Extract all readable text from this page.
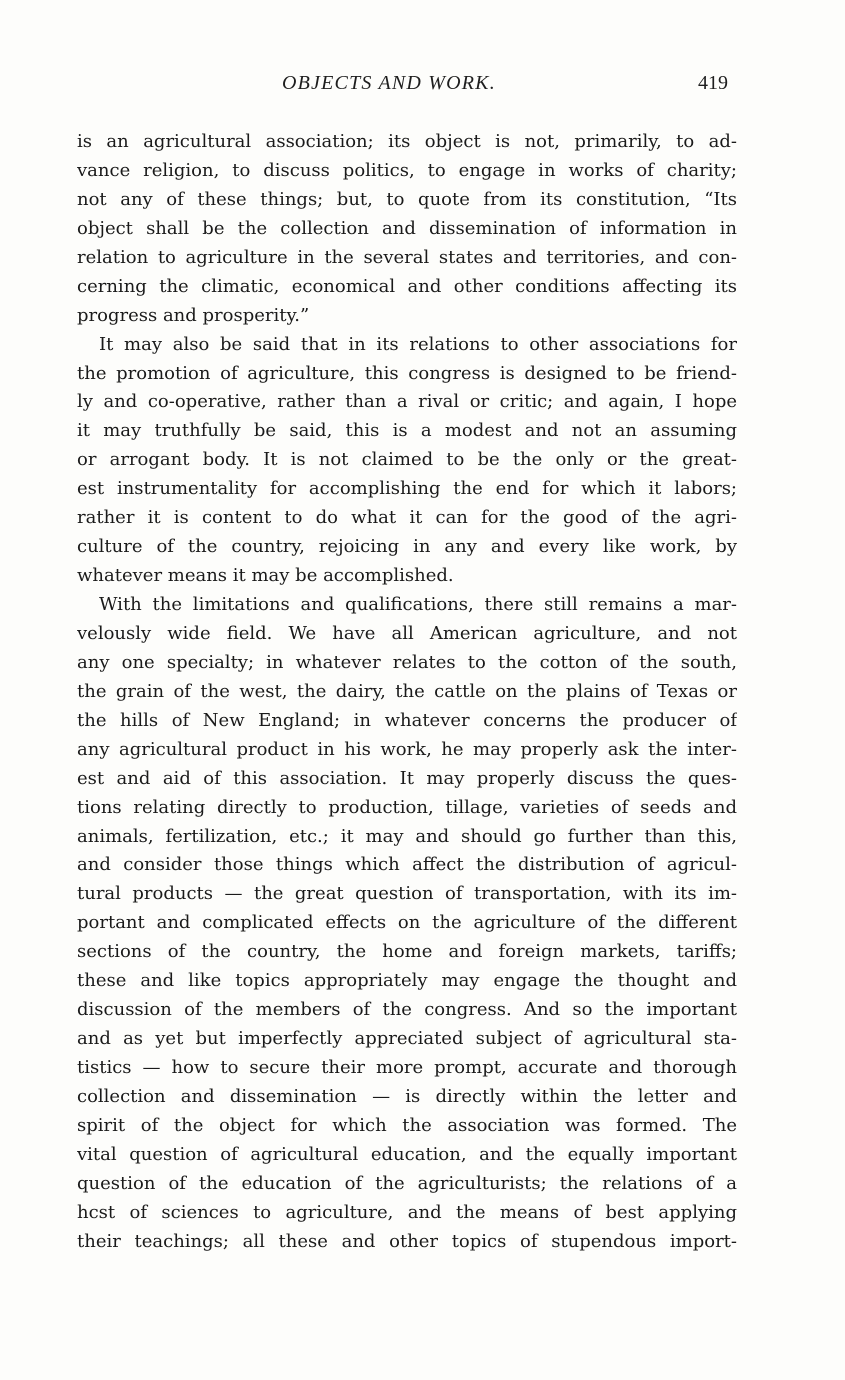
OBJECTS AND WORK.	419
is an agricultural association; its object is not, primarily, to ad-
vance religion, to discuss politics, to engage in works of charity;
not any of these things; but, to quote from its constitution, “Its
object shall be the collection and dissemination of information in
relation to agriculture in the several states and territories, and con-
cerning the climatic, economical and other conditions affecting its
progress and prosperity.”
It may also be said that in its relations to other associations for
the promotion of agriculture, this congress is designed to be friend-
ly and co-operative, rather than a rival or critic; and again, I hope
it may truthfully be said, this is a modest and not an assuming
or arrogant body. It is not claimed to be the only or the great-
est instrumentality for accomplishing the end for which it labors;
rather it is content to do what it can for the good of the agri-
culture of the country, rejoicing in any and every like work, by
whatever means it may be accomplished.
With the limitations and qualifications, there still remains a mar-
velously wide field. We have all American agriculture, and not
any one specialty; in whatever relates to the cotton of the south,
the grain of the west, the dairy, the cattle on the plains of Texas or
the hills of New England; in whatever concerns the producer of
any agricultural product in his work, he may properly ask the inter-
est and aid of this association. It may properly discuss the ques-
tions relating directly to production, tillage, varieties of seeds and
animals, fertilization, etc.; it may and should go further than this,
and consider those things which affect the distribution of agricul-
tural products — the great question of transportation, with its im-
portant and complicated effects on the agriculture of the different
sections of the country, the home and foreign markets, tariffs;
these and like topics appropriately may engage the thought and
discussion of the members of the congress. And so the important
and as yet but imperfectly appreciated subject of agricultural sta-
tistics — how to secure their more prompt, accurate and thorough
collection and dissemination — is directly within the letter and
spirit of the object for which the association was formed. The
vital question of agricultural education, and the equally important
question of the education of the agriculturists; the relations of a
hcst of sciences to agriculture, and the means of best applying
their teachings; all these and other topics of stupendous import-
